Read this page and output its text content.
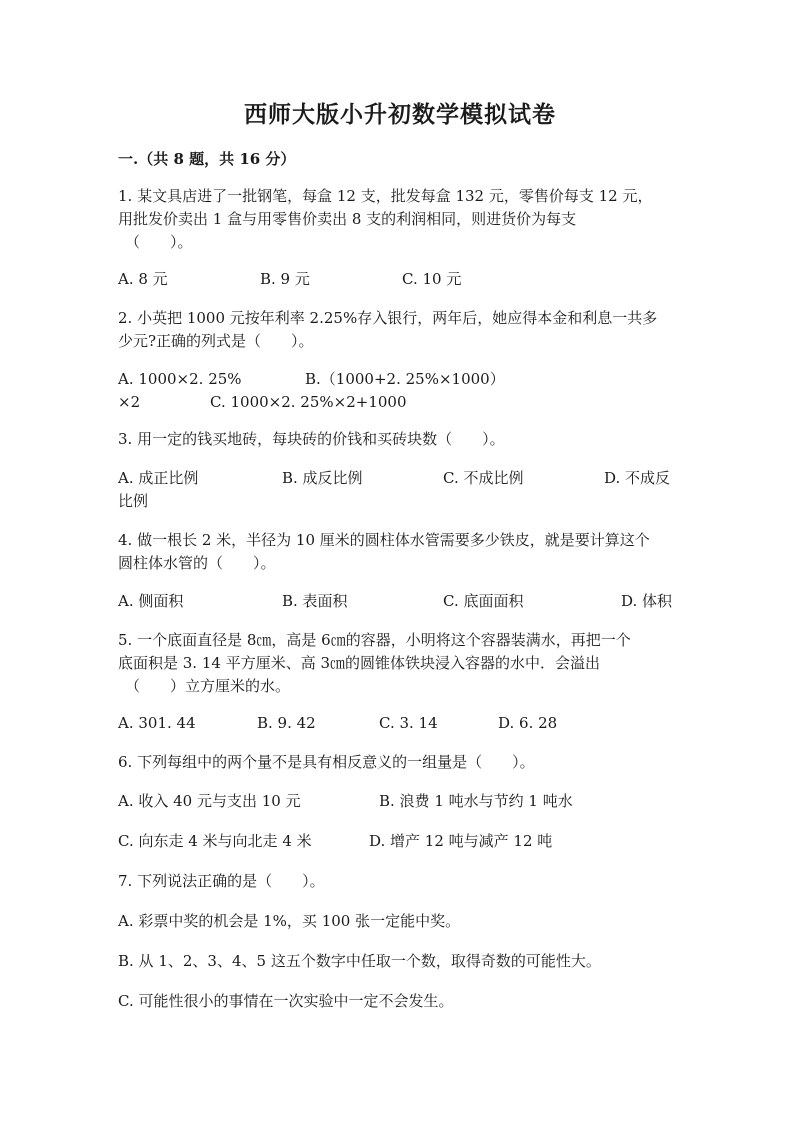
西师大版小升初数学模拟试卷
一.（共 8 题，共 16 分）
1. 某文具店进了一批钢笔，每盒 12 支，批发每盒 132 元，零售价每支 12 元，
用批发价卖出 1 盒与用零售价卖出 8 支的利润相同，则进货价为每支
（　　）。
A. 8 元	B. 9 元	C. 10 元
2. 小英把 1000 元按年利率 2.25%存入银行，两年后，她应得本金和利息一共多
少元?正确的列式是（　　）。
A. 1000×2. 25%	B.（1000+2. 25%×1000）
×2	C. 1000×2. 25%×2+1000
3. 用一定的钱买地砖，每块砖的价钱和买砖块数（　　）。
A. 成正比例	B. 成反比例	C. 不成比例	D. 不成反
比例
4. 做一根长 2 米，半径为 10 厘米的圆柱体水管需要多少铁皮，就是要计算这个
圆柱体水管的（　　）。
A. 侧面积	B. 表面积	C. 底面面积	D. 体积
5. 一个底面直径是 8㎝，高是 6㎝的容器，小明将这个容器装满水，再把一个
底面积是 3. 14 平方厘米、高 3㎝的圆锥体铁块浸入容器的水中．会溢出
（　　）立方厘米的水。
A. 301. 44	B. 9. 42	C. 3. 14	D. 6. 28
6. 下列每组中的两个量不是具有相反意义的一组量是（　　）。
A. 收入 40 元与支出 10 元	B. 浪费 1 吨水与节约 1 吨水
C. 向东走 4 米与向北走 4 米	D. 增产 12 吨与减产 12 吨
7. 下列说法正确的是（　　）。
A. 彩票中奖的机会是 1%，买 100 张一定能中奖。
B. 从 1、2、3、4、5 这五个数字中任取一个数，取得奇数的可能性大。
C. 可能性很小的事情在一次实验中一定不会发生。
